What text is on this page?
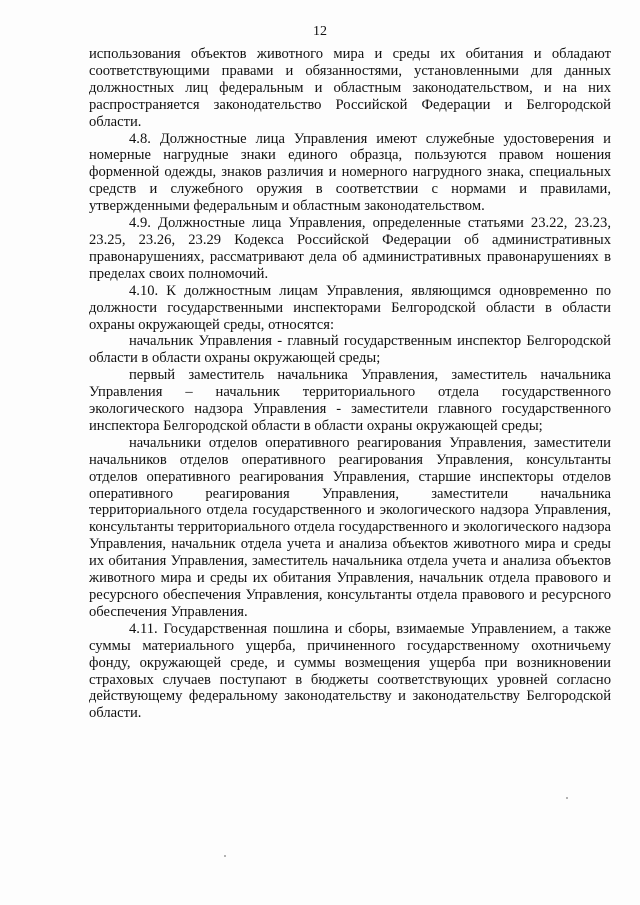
12

использования объектов животного мира и среды их обитания и обладают соответствующими правами и обязанностями, установленными для данных должностных лиц федеральным и областным законодательством, и на них распространяется законодательство Российской Федерации и Белгородской области.

4.8. Должностные лица Управления имеют служебные удостоверения и номерные нагрудные знаки единого образца, пользуются правом ношения форменной одежды, знаков различия и номерного нагрудного знака, специальных средств и служебного оружия в соответствии с нормами и правилами, утвержденными федеральным и областным законодательством.

4.9. Должностные лица Управления, определенные статьями 23.22, 23.23, 23.25, 23.26, 23.29 Кодекса Российской Федерации об административных правонарушениях, рассматривают дела об административных правонарушениях в пределах своих полномочий.

4.10. К должностным лицам Управления, являющимся одновременно по должности государственными инспекторами Белгородской области в области охраны окружающей среды, относятся:

начальник Управления - главный государственным инспектор Белгородской области в области охраны окружающей среды;

первый заместитель начальника Управления, заместитель начальника Управления – начальник территориального отдела государственного экологического надзора Управления - заместители главного государственного инспектора Белгородской области в области охраны окружающей среды;

начальники отделов оперативного реагирования Управления, заместители начальников отделов оперативного реагирования Управления, консультанты отделов оперативного реагирования Управления, старшие инспекторы отделов оперативного реагирования Управления, заместители начальника территориального отдела государственного и экологического надзора Управления, консультанты территориального отдела государственного и экологического надзора Управления, начальник отдела учета и анализа объектов животного мира и среды их обитания Управления, заместитель начальника отдела учета и анализа объектов животного мира и среды их обитания Управления, начальник отдела правового и ресурсного обеспечения Управления, консультанты отдела правового и ресурсного обеспечения Управления.

4.11. Государственная пошлина и сборы, взимаемые Управлением, а также суммы материального ущерба, причиненного государственному охотничьему фонду, окружающей среде, и суммы возмещения ущерба при возникновении страховых случаев поступают в бюджеты соответствующих уровней согласно действующему федеральному законодательству и законодательству Белгородской области.
